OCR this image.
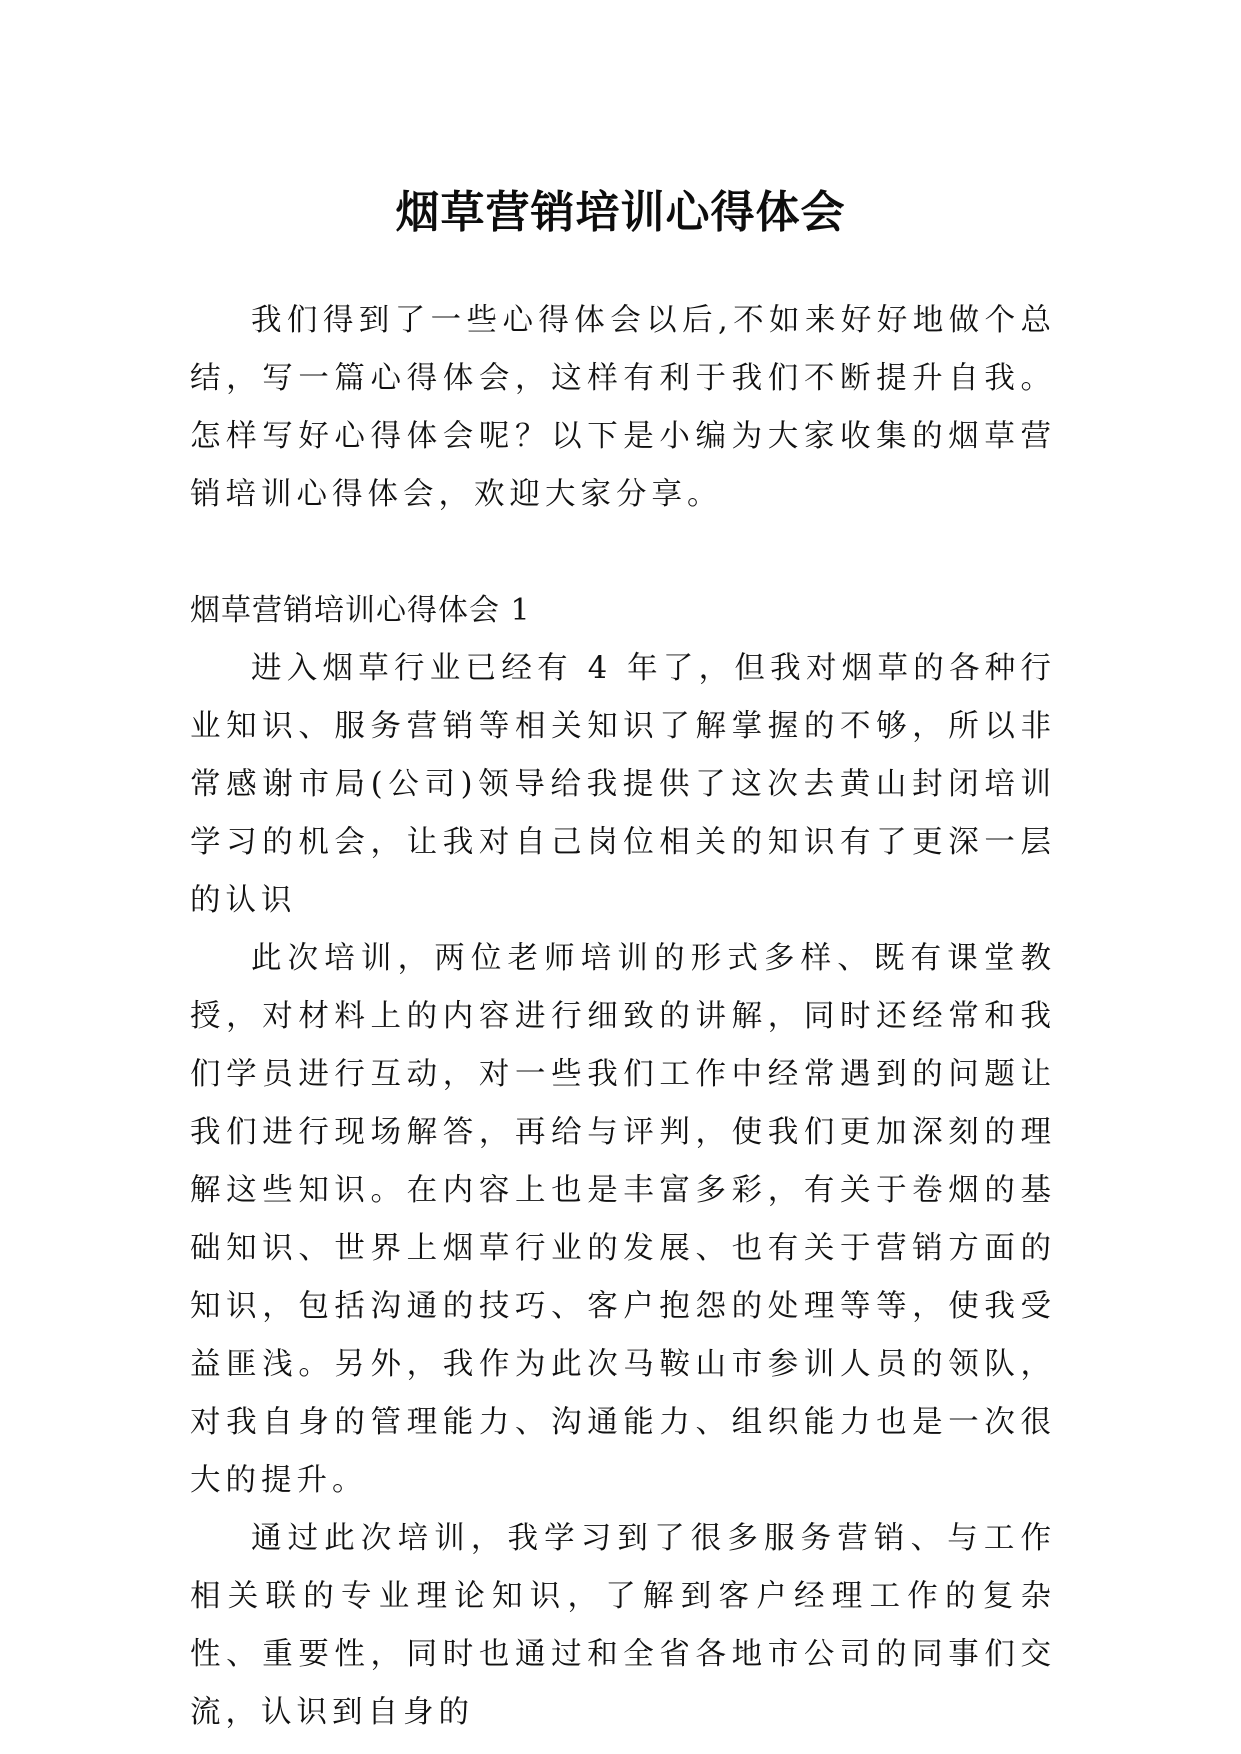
烟草营销培训心得体会

我们得到了一些心得体会以后,不如来好好地做个总结，写一篇心得体会，这样有利于我们不断提升自我。怎样写好心得体会呢？以下是小编为大家收集的烟草营销培训心得体会，欢迎大家分享。

烟草营销培训心得体会 1

进入烟草行业已经有 4 年了，但我对烟草的各种行业知识、服务营销等相关知识了解掌握的不够，所以非常感谢市局(公司)领导给我提供了这次去黄山封闭培训学习的机会，让我对自己岗位相关的知识有了更深一层的认识

此次培训，两位老师培训的形式多样、既有课堂教授，对材料上的内容进行细致的讲解，同时还经常和我们学员进行互动，对一些我们工作中经常遇到的问题让我们进行现场解答，再给与评判，使我们更加深刻的理解这些知识。在内容上也是丰富多彩，有关于卷烟的基础知识、世界上烟草行业的发展、也有关于营销方面的知识，包括沟通的技巧、客户抱怨的处理等等，使我受益匪浅。另外，我作为此次马鞍山市参训人员的领队，对我自身的管理能力、沟通能力、组织能力也是一次很大的提升。

通过此次培训，我学习到了很多服务营销、与工作相关联的专业理论知识，了解到客户经理工作的复杂性、重要性，同时也通过和全省各地市公司的同事们交流，认识到自身的
